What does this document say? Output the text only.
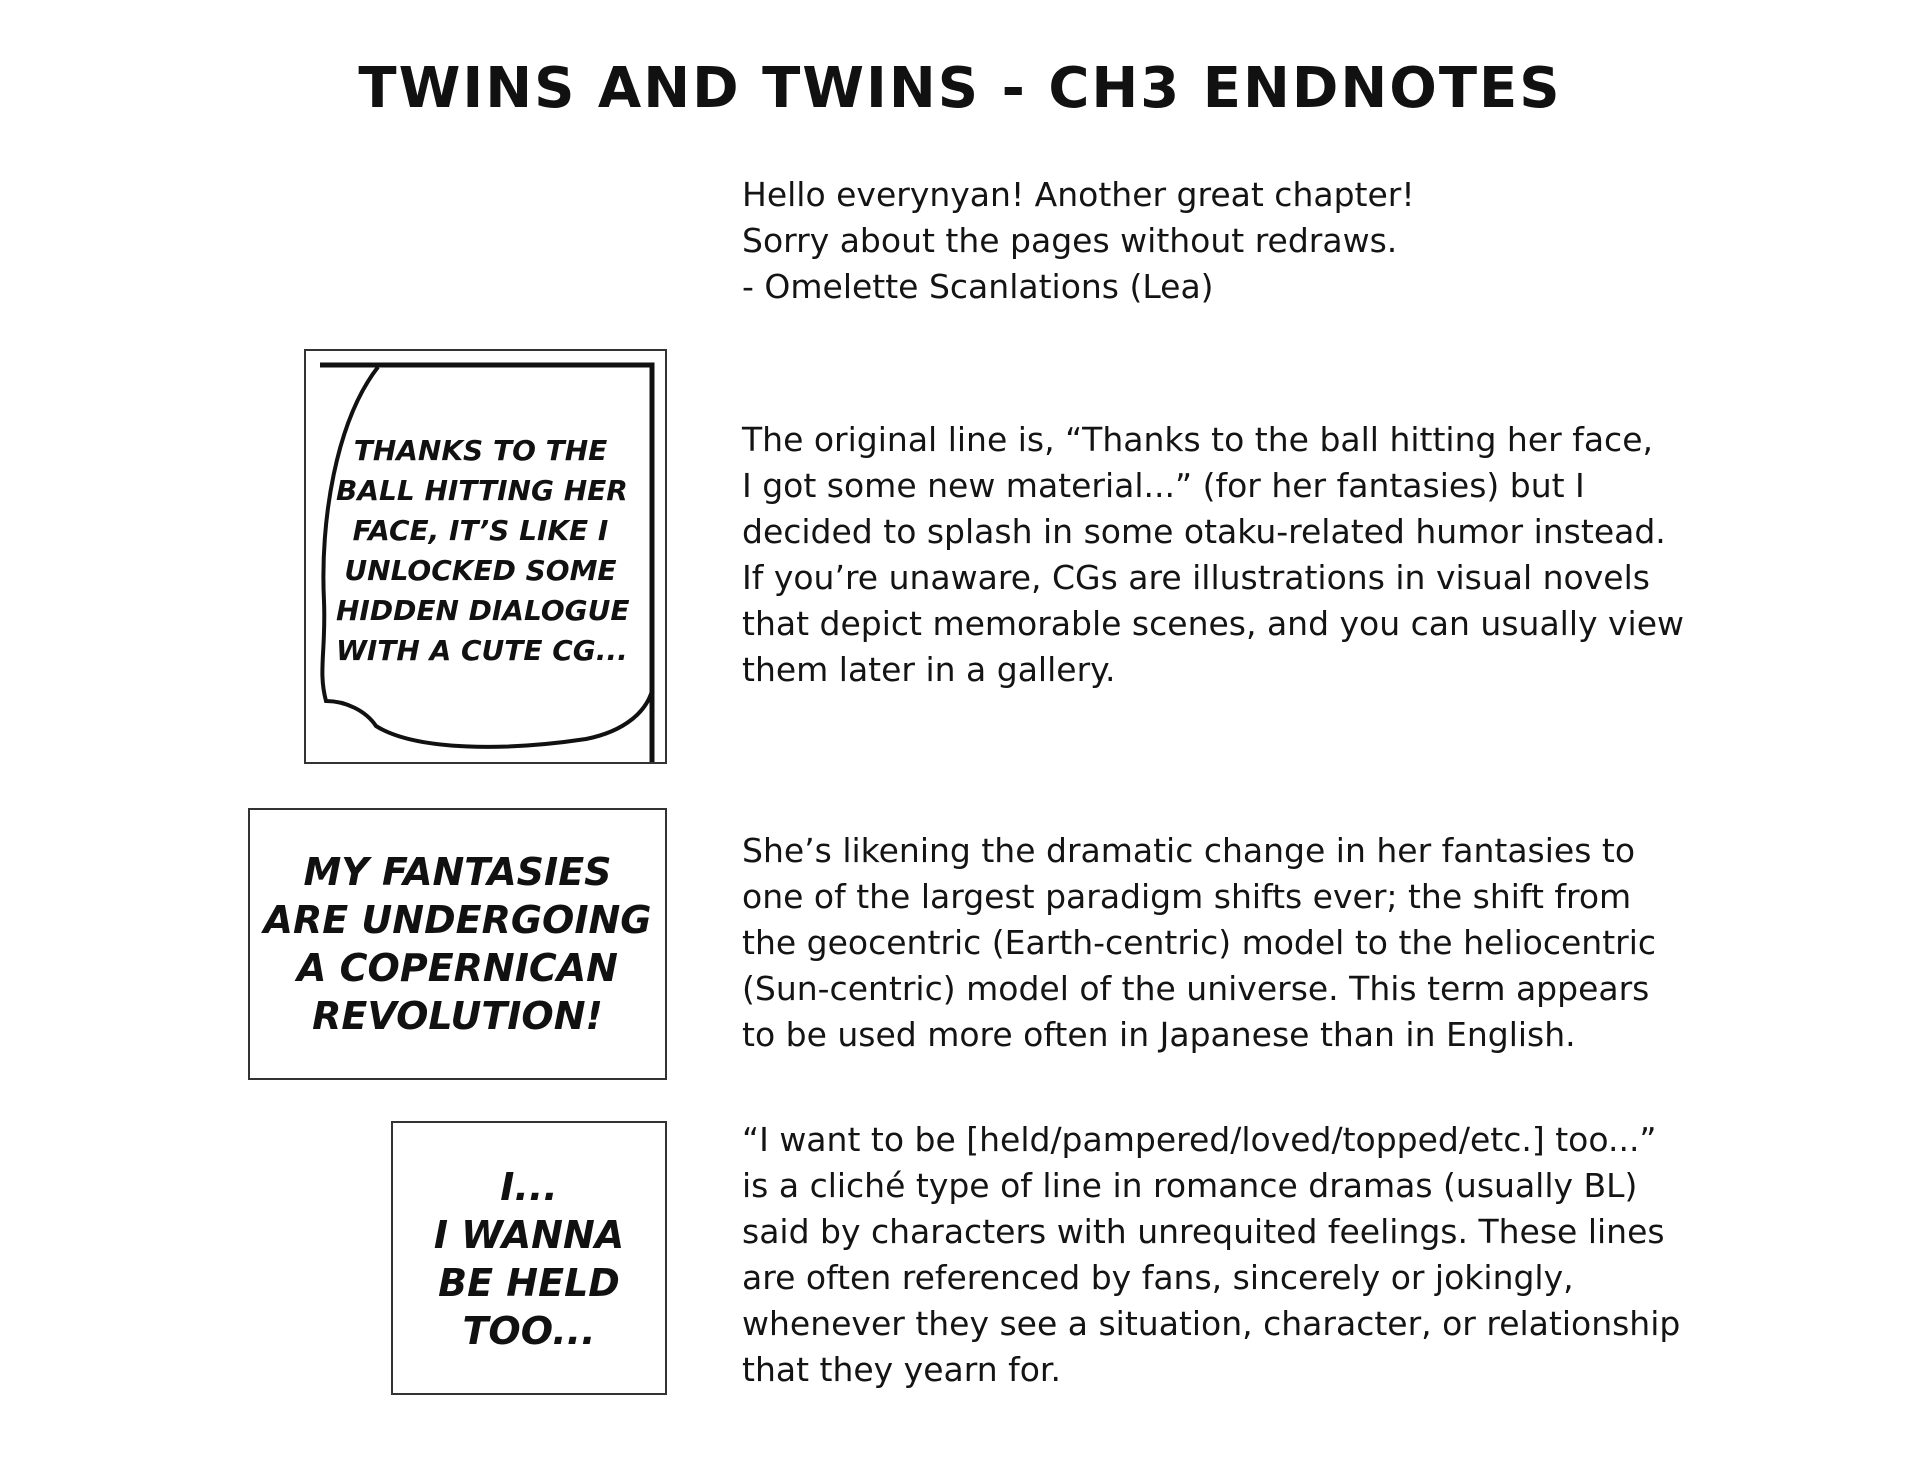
TWINS AND TWINS - CH3 ENDNOTES
Hello everynyan! Another great chapter!
Sorry about the pages without redraws.
- Omelette Scanlations (Lea)
THANKS TO THE
BALL HITTING HER
FACE, IT’S LIKE I
UNLOCKED SOME
HIDDEN DIALOGUE
WITH A CUTE CG...
The original line is, “Thanks to the ball hitting her face,
I got some new material...” (for her fantasies) but I
decided to splash in some otaku-related humor instead.
If you’re unaware, CGs are illustrations in visual novels
that depict memorable scenes, and you can usually view
them later in a gallery.
MY FANTASIES
ARE UNDERGOING
A COPERNICAN
REVOLUTION!
She’s likening the dramatic change in her fantasies to
one of the largest paradigm shifts ever; the shift from
the geocentric (Earth-centric) model to the heliocentric
(Sun-centric) model of the universe. This term appears
to be used more often in Japanese than in English.
I...
I WANNA
BE HELD
TOO...
“I want to be [held/pampered/loved/topped/etc.] too...”
is a cliché type of line in romance dramas (usually BL)
said by characters with unrequited feelings. These lines
are often referenced by fans, sincerely or jokingly,
whenever they see a situation, character, or relationship
that they yearn for.
